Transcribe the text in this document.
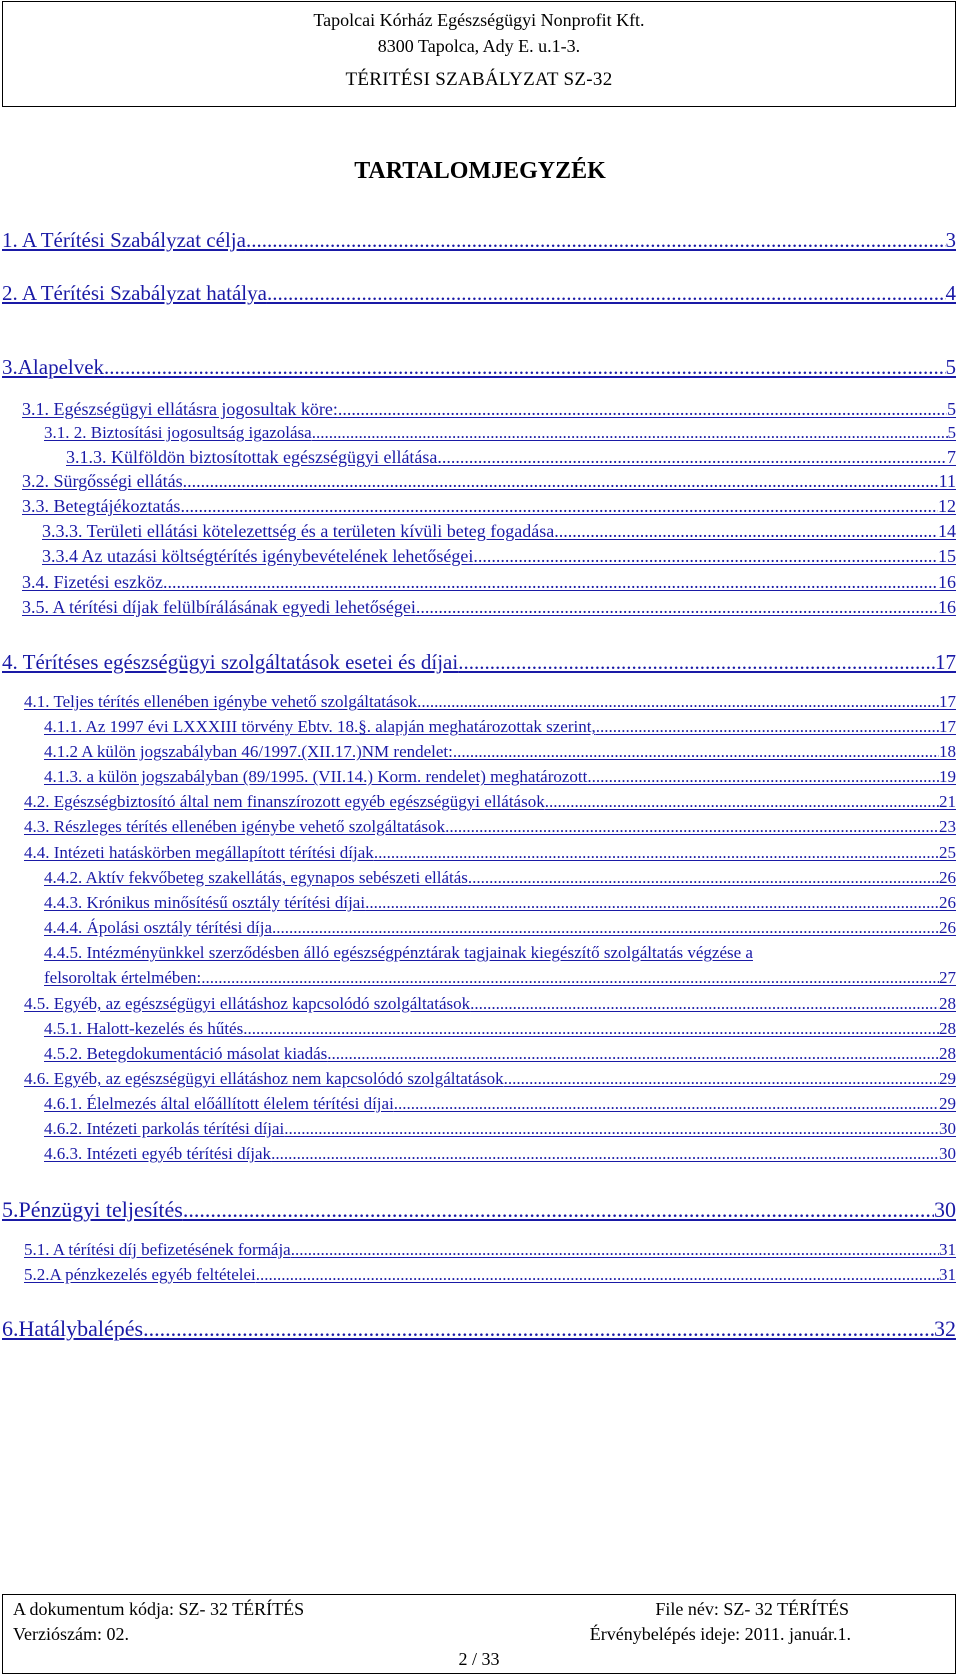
Tapolcai Kórház Egészségügyi Nonprofit Kft.
8300 Tapolca, Ady E. u.1-3.
TÉRITÉSI SZABÁLYZAT SZ-32
TARTALOMJEGYZÉK
1. A Térítési Szabályzat célja .....	3
2. A Térítési Szabályzat hatálya .....	4
3.Alapelvek .....	5
3.1. Egészségügyi ellátásra jogosultak köre: .....	5
3.1. 2. Biztosítási jogosultság igazolása .....	5
3.1.3. Külföldön biztosítottak egészségügyi ellátása .....	7
3.2. Sürgősségi ellátás .....	11
3.3. Betegtájékoztatás .....	12
3.3.3. Területi ellátási kötelezettség és a területen kívüli beteg fogadása .....	14
3.3.4 Az utazási költségtérítés igénybevételének lehetőségei .....	15
3.4. Fizetési eszköz .....	16
3.5. A térítési díjak felülbírálásának egyedi lehetőségei .....	16
4. Térítéses egészségügyi szolgáltatások esetei és díjai .....	17
4.1. Teljes térítés ellenében igénybe vehető szolgáltatások .....	17
4.1.1. Az 1997 évi LXXXIII törvény Ebtv. 18.§. alapján meghatározottak szerint, .....	17
4.1.2 A külön jogszabályban 46/1997.(XII.17.)NM rendelet: .....	18
4.1.3. a külön jogszabályban (89/1995. (VII.14.) Korm. rendelet) meghatározott .....	19
4.2. Egészségbiztosító által nem finanszírozott egyéb egészségügyi ellátások .....	21
4.3. Részleges térítés ellenében igénybe vehető szolgáltatások .....	23
4.4. Intézeti hatáskörben megállapított térítési díjak .....	25
4.4.2. Aktív fekvőbeteg szakellátás, egynapos sebészeti ellátás .....	26
4.4.3. Krónikus minősítésű osztály térítési díjai .....	26
4.4.4. Ápolási osztály térítési díja .....	26
4.4.5. Intézményünkkel szerződésben álló egészségpénztárak tagjainak kiegészítő szolgáltatás végzése a
felsoroltak értelmében: .....	27
4.5. Egyéb, az egészségügyi ellátáshoz kapcsolódó szolgáltatások .....	28
4.5.1. Halott-kezelés és hűtés .....	28
4.5.2. Betegdokumentáció másolat kiadás .....	28
4.6. Egyéb, az egészségügyi ellátáshoz nem kapcsolódó szolgáltatások .....	29
4.6.1. Élelmezés által előállított élelem térítési díjai .....	29
4.6.2. Intézeti parkolás térítési díjai .....	30
4.6.3. Intézeti egyéb térítési díjak .....	30
5.Pénzügyi teljesítés .....	30
5.1. A térítési díj befizetésének formája .....	31
5.2.A pénzkezelés egyéb feltételei .....	31
6.Hatálybalépés .....	32
A dokumentum kódja: SZ- 32 TÉRÍTÉS	File név: SZ- 32 TÉRÍTÉS
Verziószám: 02.	Érvénybelépés ideje: 2011. január.1.
2 / 33
